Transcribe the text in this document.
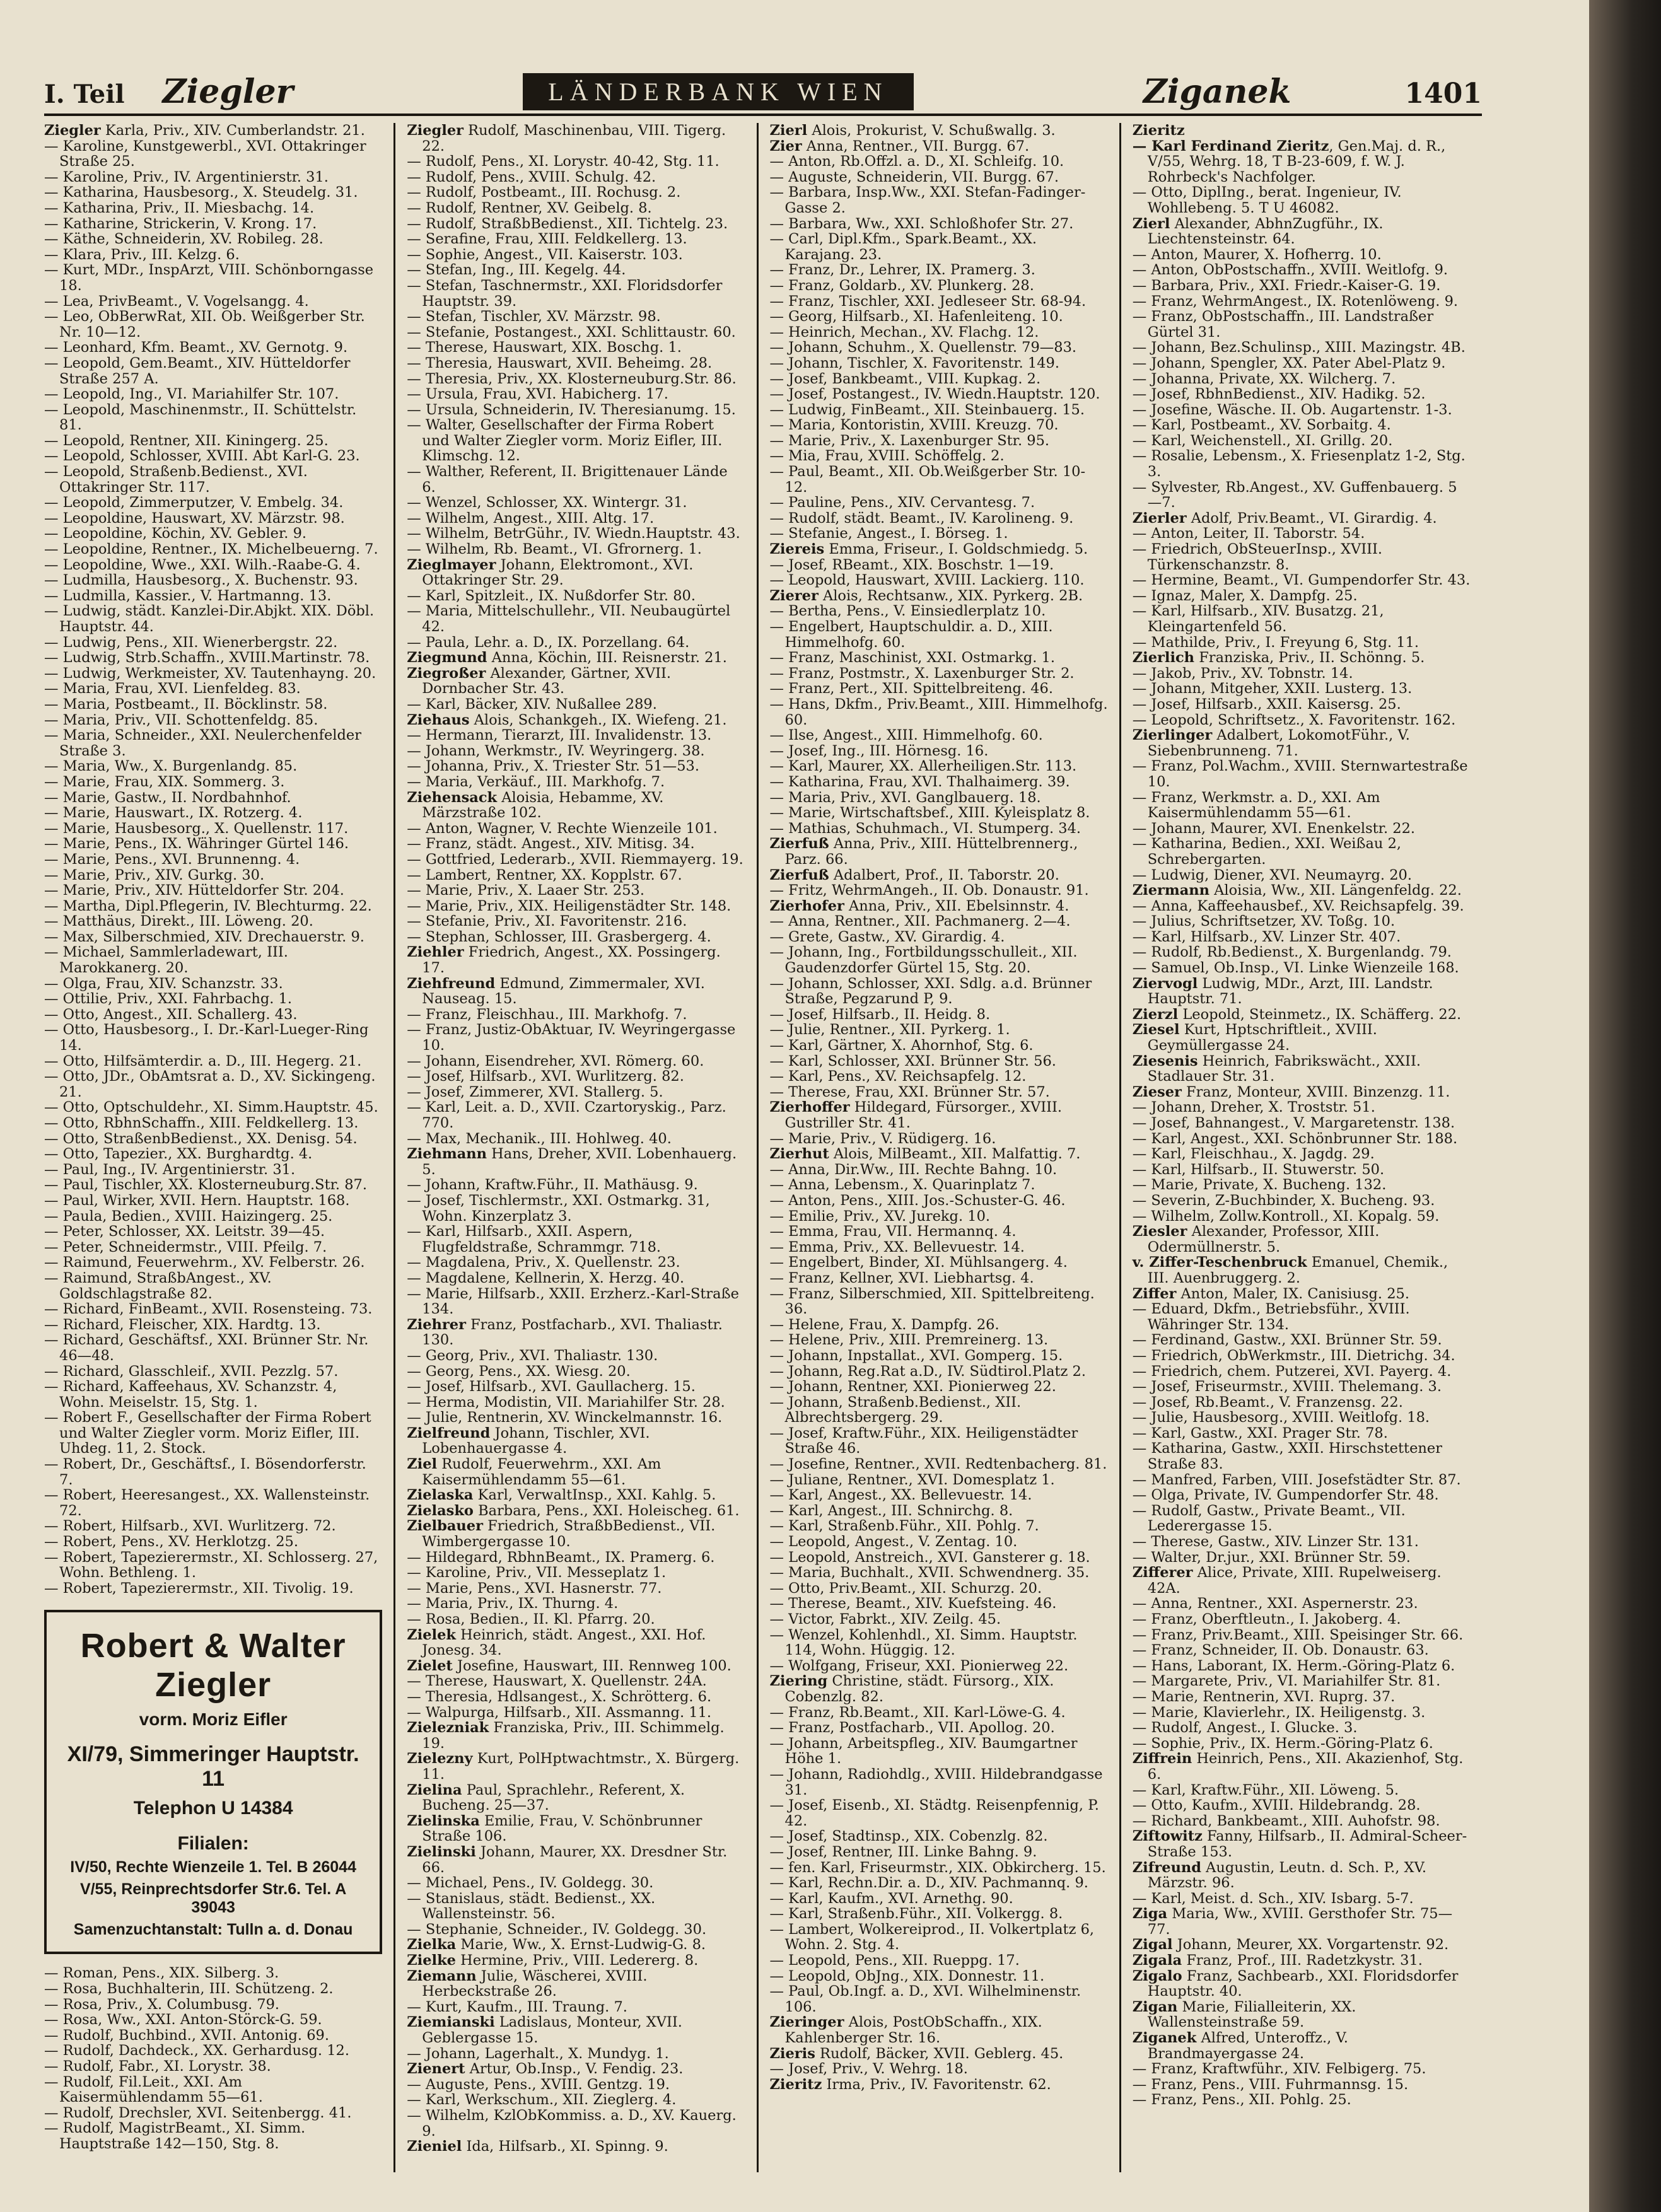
I. Teil Ziegler	LÄNDERBANK WIEN	Ziganek	1401

Ziegler Karla, Priv., XIV. Cumberlandstr. 21.

— Karoline, Kunstgewerbl., XVI. Ottakringer Straße 25.

— Karoline, Priv., IV. Argentinierstr. 31.

— Katharina, Hausbesorg., X. Steudelg. 31.

— Katharina, Priv., II. Miesbachg. 14.

— Katharine, Strickerin, V. Krong. 17.

— Käthe, Schneiderin, XV. Robileg. 28.

— Klara, Priv., III. Kelzg. 6.

— Kurt, MDr., InspArzt, VIII. Schönborngasse 18.

— Lea, PrivBeamt., V. Vogelsangg. 4.

— Leo, ObBerwRat, XII. Ob. Weißgerber Str. Nr. 10—12.

— Leonhard, Kfm. Beamt., XV. Gernotg. 9.

— Leopold, Gem.Beamt., XIV. Hütteldorfer Straße 257 A.

— Leopold, Ing., VI. Mariahilfer Str. 107.

— Leopold, Maschinenmstr., II. Schüttelstr. 81.

— Leopold, Rentner, XII. Kiningerg. 25.

— Leopold, Schlosser, XVIII. Abt Karl-G. 23.

— Leopold, Straßenb.Bedienst., XVI. Ottakringer Str. 117.

— Leopold, Zimmerputzer, V. Embelg. 34.

— Leopoldine, Hauswart, XV. Märzstr. 98.

— Leopoldine, Köchin, XV. Gebler. 9.

— Leopoldine, Rentner., IX. Michelbeuerng. 7.

— Leopoldine, Wwe., XXI. Wilh.-Raabe-G. 4.

— Ludmilla, Hausbesorg., X. Buchenstr. 93.

— Ludmilla, Kassier., V. Hartmanng. 13.

— Ludwig, städt. Kanzlei-Dir.Abjkt. XIX. Döbl. Hauptstr. 44.

— Ludwig, Pens., XII. Wienerbergstr. 22.

— Ludwig, Strb.Schaffn., XVIII.Martinstr. 78.

— Ludwig, Werkmeister, XV. Tautenhayng. 20.

— Maria, Frau, XVI. Lienfeldeg. 83.

— Maria, Postbeamt., II. Böcklinstr. 58.

— Maria, Priv., VII. Schottenfeldg. 85.

— Maria, Schneider., XXI. Neulerchenfelder Straße 3.

— Maria, Ww., X. Burgenlandg. 85.

— Marie, Frau, XIX. Sommerg. 3.

— Marie, Gastw., II. Nordbahnhof.

— Marie, Hauswart., IX. Rotzerg. 4.

— Marie, Hausbesorg., X. Quellenstr. 117.

— Marie, Pens., IX. Währinger Gürtel 146.

— Marie, Pens., XVI. Brunnenng. 4.

— Marie, Priv., XIV. Gurkg. 30.

— Marie, Priv., XIV. Hütteldorfer Str. 204.

— Martha, Dipl.Pflegerin, IV. Blechturmg. 22.

— Matthäus, Direkt., III. Löweng. 20.

— Max, Silberschmied, XIV. Drechauerstr. 9.

— Michael, Sammlerladewart, III. Marokkanerg. 20.

— Olga, Frau, XIV. Schanzstr. 33.

— Ottilie, Priv., XXI. Fahrbachg. 1.

— Otto, Angest., XII. Schallerg. 43.

— Otto, Hausbesorg., I. Dr.-Karl-Lueger-Ring 14.

— Otto, Hilfsämterdir. a. D., III. Hegerg. 21.

— Otto, JDr., ObAmtsrat a. D., XV. Sickingeng. 21.

— Otto, Optschuldehr., XI. Simm.Hauptstr. 45.

— Otto, RbhnSchaffn., XIII. Feldkellerg. 13.

— Otto, StraßenbBedienst., XX. Denisg. 54.

— Otto, Tapezier., XX. Burghardtg. 4.

— Paul, Ing., IV. Argentinierstr. 31.

— Paul, Tischler, XX. Klosterneuburg.Str. 87.

— Paul, Wirker, XVII. Hern. Hauptstr. 168.

— Paula, Bedien., XVIII. Haizingerg. 25.

— Peter, Schlosser, XX. Leitstr. 39—45.

— Peter, Schneidermstr., VIII. Pfeilg. 7.

— Raimund, Feuerwehrm., XV. Felberstr. 26.

— Raimund, StraßbAngest., XV. Goldschlagstraße 82.

— Richard, FinBeamt., XVII. Rosensteing. 73.

— Richard, Fleischer, XIX. Hardtg. 13.

— Richard, Geschäftsf., XXI. Brünner Str. Nr. 46—48.

— Richard, Glasschleif., XVII. Pezzlg. 57.

— Richard, Kaffeehaus, XV. Schanzstr. 4, Wohn. Meiselstr. 15, Stg. 1.

— Robert F., Gesellschafter der Firma Robert und Walter Ziegler vorm. Moriz Eifler, III. Uhdeg. 11, 2. Stock.

— Robert, Dr., Geschäftsf., I. Bösendorferstr. 7.

— Robert, Heeresangest., XX. Wallensteinstr. 72.

— Robert, Hilfsarb., XVI. Wurlitzerg. 72.

— Robert, Pens., XV. Herklotzg. 25.

— Robert, Tapezierermstr., XI. Schlosserg. 27, Wohn. Bethleng. 1.

— Robert, Tapezierermstr., XII. Tivolig. 19.

Robert & Walter Ziegler
vorm. Moriz Eifler
XI/79, Simmeringer Hauptstr. 11
Telephon U 14384
Filialen:
IV/50, Rechte Wienzeile 1. Tel. B 26044
V/55, Reinprechtsdorfer Str.6. Tel. A 39043
Samenzuchtanstalt: Tulln a. d. Donau

— Roman, Pens., XIX. Silberg. 3.

— Rosa, Buchhalterin, III. Schützeng. 2.

— Rosa, Priv., X. Columbusg. 79.

— Rosa, Ww., XXI. Anton-Störck-G. 59.

— Rudolf, Buchbind., XVII. Antonig. 69.

— Rudolf, Dachdeck., XX. Gerhardusg. 12.

— Rudolf, Fabr., XI. Lorystr. 38.

— Rudolf, Fil.Leit., XXI. Am Kaisermühlendamm 55—61.

— Rudolf, Drechsler, XVI. Seitenbergg. 41.

— Rudolf, MagistrBeamt., XI. Simm. Hauptstraße 142—150, Stg. 8.

Ziegler Rudolf, Maschinenbau, VIII. Tigerg. 22.

— Rudolf, Pens., XI. Lorystr. 40-42, Stg. 11.

— Rudolf, Pens., XVIII. Schulg. 42.

— Rudolf, Postbeamt., III. Rochusg. 2.

— Rudolf, Rentner, XV. Geibelg. 8.

— Rudolf, StraßbBedienst., XII. Tichtelg. 23.

— Serafine, Frau, XIII. Feldkellerg. 13.

— Sophie, Angest., VII. Kaiserstr. 103.

— Stefan, Ing., III. Kegelg. 44.

— Stefan, Taschnermstr., XXI. Floridsdorfer Hauptstr. 39.

— Stefan, Tischler, XV. Märzstr. 98.

— Stefanie, Postangest., XXI. Schlittaustr. 60.

— Therese, Hauswart, XIX. Boschg. 1.

— Theresia, Hauswart, XVII. Beheimg. 28.

— Theresia, Priv., XX. Klosterneuburg.Str. 86.

— Ursula, Frau, XVI. Habicherg. 17.

— Ursula, Schneiderin, IV. Theresianumg. 15.

— Walter, Gesellschafter der Firma Robert und Walter Ziegler vorm. Moriz Eifler, III. Klimschg. 12.

— Walther, Referent, II. Brigittenauer Lände 6.

— Wenzel, Schlosser, XX. Wintergr. 31.

— Wilhelm, Angest., XIII. Altg. 17.

— Wilhelm, BetrGühr., IV. Wiedn.Hauptstr. 43.

— Wilhelm, Rb. Beamt., VI. Gfrornerg. 1.

Zieglmayer Johann, Elektromont., XVI. Ottakringer Str. 29.

— Karl, Spitzleit., IX. Nußdorfer Str. 80.

— Maria, Mittelschullehr., VII. Neubaugürtel 42.

— Paula, Lehr. a. D., IX. Porzellang. 64.

Ziegmund Anna, Köchin, III. Reisnerstr. 21.

Ziegroßer Alexander, Gärtner, XVII. Dornbacher Str. 43.

— Karl, Bäcker, XIV. Nußallee 289.

Ziehaus Alois, Schankgeh., IX. Wiefeng. 21.

— Hermann, Tierarzt, III. Invalidenstr. 13.

— Johann, Werkmstr., IV. Weyringerg. 38.

— Johanna, Priv., X. Triester Str. 51—53.

— Maria, Verkäuf., III. Markhofg. 7.

Ziehensack Aloisia, Hebamme, XV. Märzstraße 102.

— Anton, Wagner, V. Rechte Wienzeile 101.

— Franz, städt. Angest., XIV. Mitisg. 34.

— Gottfried, Lederarb., XVII. Riemmayerg. 19.

— Lambert, Rentner, XX. Kopplstr. 67.

— Marie, Priv., X. Laaer Str. 253.

— Marie, Priv., XIX. Heiligenstädter Str. 148.

— Stefanie, Priv., XI. Favoritenstr. 216.

— Stephan, Schlosser, III. Grasbergerg. 4.

Ziehler Friedrich, Angest., XX. Possingerg. 17.

Ziehfreund Edmund, Zimmermaler, XVI. Nauseag. 15.

— Franz, Fleischhau., III. Markhofg. 7.

— Franz, Justiz-ObAktuar, IV. Weyringergasse 10.

— Johann, Eisendreher, XVI. Römerg. 60.

— Josef, Hilfsarb., XVI. Wurlitzerg. 82.

— Josef, Zimmerer, XVI. Stallerg. 5.

— Karl, Leit. a. D., XVII. Czartoryskig., Parz. 770.

— Max, Mechanik., III. Hohlweg. 40.

Ziehmann Hans, Dreher, XVII. Lobenhauerg. 5.

— Johann, Kraftw.Führ., II. Mathäusg. 9.

— Josef, Tischlermstr., XXI. Ostmarkg. 31, Wohn. Kinzerplatz 3.

— Karl, Hilfsarb., XXII. Aspern, Flugfeldstraße, Schrammgr. 718.

— Magdalena, Priv., X. Quellenstr. 23.

— Magdalene, Kellnerin, X. Herzg. 40.

— Marie, Hilfsarb., XXII. Erzherz.-Karl-Straße 134.

Ziehrer Franz, Postfacharb., XVI. Thaliastr. 130.

— Georg, Priv., XVI. Thaliastr. 130.

— Georg, Pens., XX. Wiesg. 20.

— Josef, Hilfsarb., XVI. Gaullacherg. 15.

— Herma, Modistin, VII. Mariahilfer Str. 28.

— Julie, Rentnerin, XV. Winckelmannstr. 16.

Zielfreund Johann, Tischler, XVI. Lobenhauergasse 4.

Ziel Rudolf, Feuerwehrm., XXI. Am Kaisermühlendamm 55—61.

Zielaska Karl, VerwaltInsp., XXI. Kahlg. 5.

Zielasko Barbara, Pens., XXI. Holeischeg. 61.

Zielbauer Friedrich, StraßbBedienst., VII. Wimbergergasse 10.

— Hildegard, RbhnBeamt., IX. Pramerg. 6.

— Karoline, Priv., VII. Messeplatz 1.

— Marie, Pens., XVI. Hasnerstr. 77.

— Maria, Priv., IX. Thurng. 4.

— Rosa, Bedien., II. Kl. Pfarrg. 20.

Zielek Heinrich, städt. Angest., XXI. Hof. Jonesg. 34.

Zielet Josefine, Hauswart, III. Rennweg 100.

— Therese, Hauswart, X. Quellenstr. 24A.

— Theresia, Hdlsangest., X. Schrötterg. 6.

— Walpurga, Hilfsarb., XII. Assmanng. 11.

Zielezniak Franziska, Priv., III. Schimmelg. 19.

Zielezny Kurt, PolHptwachtmstr., X. Bürgerg. 11.

Zielina Paul, Sprachlehr., Referent, X. Bucheng. 25—37.

Zielinska Emilie, Frau, V. Schönbrunner Straße 106.

Zielinski Johann, Maurer, XX. Dresdner Str. 66.

— Michael, Pens., IV. Goldegg. 30.

— Stanislaus, städt. Bedienst., XX. Wallensteinstr. 56.

— Stephanie, Schneider., IV. Goldegg. 30.

Zielka Marie, Ww., X. Ernst-Ludwig-G. 8.

Zielke Hermine, Priv., VIII. Ledererg. 8.

Ziemann Julie, Wäscherei, XVIII. Herbeckstraße 26.

— Kurt, Kaufm., III. Traung. 7.

Ziemianski Ladislaus, Monteur, XVII. Geblergasse 15.

— Johann, Lagerhalt., X. Mundyg. 1.

Zienert Artur, Ob.Insp., V. Fendig. 23.

— Auguste, Pens., XVIII. Gentzg. 19.

— Karl, Werkschum., XII. Zieglerg. 4.

— Wilhelm, KzlObKommiss. a. D., XV. Kauerg. 9.

Zieniel Ida, Hilfsarb., XI. Spinng. 9.

Zierl Alois, Prokurist, V. Schußwallg. 3.

Zier Anna, Rentner., VII. Burgg. 67.

— Anton, Rb.Offzl. a. D., XI. Schleifg. 10.

— Auguste, Schneiderin, VII. Burgg. 67.

— Barbara, Insp.Ww., XXI. Stefan-Fadinger-Gasse 2.

— Barbara, Ww., XXI. Schloßhofer Str. 27.

— Carl, Dipl.Kfm., Spark.Beamt., XX. Karajang. 23.

— Franz, Dr., Lehrer, IX. Pramerg. 3.

— Franz, Goldarb., XV. Plunkerg. 28.

— Franz, Tischler, XXI. Jedleseer Str. 68-94.

— Georg, Hilfsarb., XI. Hafenleiteng. 10.

— Heinrich, Mechan., XV. Flachg. 12.

— Johann, Schuhm., X. Quellenstr. 79—83.

— Johann, Tischler, X. Favoritenstr. 149.

— Josef, Bankbeamt., VIII. Kupkag. 2.

— Josef, Postangest., IV. Wiedn.Hauptstr. 120.

— Ludwig, FinBeamt., XII. Steinbauerg. 15.

— Maria, Kontoristin, XVIII. Kreuzg. 70.

— Marie, Priv., X. Laxenburger Str. 95.

— Mia, Frau, XVIII. Schöffelg. 2.

— Paul, Beamt., XII. Ob.Weißgerber Str. 10-12.

— Pauline, Pens., XIV. Cervantesg. 7.

— Rudolf, städt. Beamt., IV. Karolineng. 9.

— Stefanie, Angest., I. Börseg. 1.

Ziereis Emma, Friseur., I. Goldschmiedg. 5.

— Josef, RBeamt., XIX. Boschstr. 1—19.

— Leopold, Hauswart, XVIII. Lackierg. 110.

Zierer Alois, Rechtsanw., XIX. Pyrkerg. 2B.

— Bertha, Pens., V. Einsiedlerplatz 10.

— Engelbert, Hauptschuldir. a. D., XIII. Himmelhofg. 60.

— Franz, Maschinist, XXI. Ostmarkg. 1.

— Franz, Postmstr., X. Laxenburger Str. 2.

— Franz, Pert., XII. Spittelbreiteng. 46.

— Hans, Dkfm., Priv.Beamt., XIII. Himmelhofg. 60.

— Ilse, Angest., XIII. Himmelhofg. 60.

— Josef, Ing., III. Hörnesg. 16.

— Karl, Maurer, XX. Allerheiligen.Str. 113.

— Katharina, Frau, XVI. Thalhaimerg. 39.

— Maria, Priv., XVI. Ganglbauerg. 18.

— Marie, Wirtschaftsbef., XIII. Kyleisplatz 8.

— Mathias, Schuhmach., VI. Stumperg. 34.

Zierfuß Anna, Priv., XIII. Hüttelbrennerg., Parz. 66.

Zierfuß Adalbert, Prof., II. Taborstr. 20.

— Fritz, WehrmAngeh., II. Ob. Donaustr. 91.

Zierhofer Anna, Priv., XII. Ebelsinnstr. 4.

— Anna, Rentner., XII. Pachmanerg. 2—4.

— Grete, Gastw., XV. Girardig. 4.

— Johann, Ing., Fortbildungsschulleit., XII. Gaudenzdorfer Gürtel 15, Stg. 20.

— Johann, Schlosser, XXI. Sdlg. a.d. Brünner Straße, Pegzarund P, 9.

— Josef, Hilfsarb., II. Heidg. 8.

— Julie, Rentner., XII. Pyrkerg. 1.

— Karl, Gärtner, X. Ahornhof, Stg. 6.

— Karl, Schlosser, XXI. Brünner Str. 56.

— Karl, Pens., XV. Reichsapfelg. 12.

— Therese, Frau, XXI. Brünner Str. 57.

Zierhoffer Hildegard, Fürsorger., XVIII. Gustriller Str. 41.

— Marie, Priv., V. Rüdigerg. 16.

Zierhut Alois, MilBeamt., XII. Malfattig. 7.

— Anna, Dir.Ww., III. Rechte Bahng. 10.

— Anna, Lebensm., X. Quarinplatz 7.

— Anton, Pens., XIII. Jos.-Schuster-G. 46.

— Emilie, Priv., XV. Jurekg. 10.

— Emma, Frau, VII. Hermannq. 4.

— Emma, Priv., XX. Bellevuestr. 14.

— Engelbert, Binder, XI. Mühlsangerg. 4.

— Franz, Kellner, XVI. Liebhartsg. 4.

— Franz, Silberschmied, XII. Spittelbreiteng. 36.

— Helene, Frau, X. Dampfg. 26.

— Helene, Priv., XIII. Premreinerg. 13.

— Johann, Inpstallat., XVI. Gomperg. 15.

— Johann, Reg.Rat a.D., IV. Südtirol.Platz 2.

— Johann, Rentner, XXI. Pionierweg 22.

— Johann, Straßenb.Bedienst., XII. Albrechtsbergerg. 29.

— Josef, Kraftw.Führ., XIX. Heiligenstädter Straße 46.

— Josefine, Rentner., XVII. Redtenbacherg. 81.

— Juliane, Rentner., XVI. Domesplatz 1.

— Karl, Angest., XX. Bellevuestr. 14.

— Karl, Angest., III. Schnirchg. 8.

— Karl, Straßenb.Führ., XII. Pohlg. 7.

— Leopold, Angest., V. Zentag. 10.

— Leopold, Anstreich., XVI. Gansterer g. 18.

— Maria, Buchhalt., XVII. Schwendnerg. 35.

— Otto, Priv.Beamt., XII. Schurzg. 20.

— Therese, Beamt., XIV. Kuefsteing. 46.

— Victor, Fabrkt., XIV. Zeilg. 45.

— Wenzel, Kohlenhdl., XI. Simm. Hauptstr. 114, Wohn. Hüggig. 12.

— Wolfgang, Friseur, XXI. Pionierweg 22.

Ziering Christine, städt. Fürsorg., XIX. Cobenzlg. 82.

— Franz, Rb.Beamt., XII. Karl-Löwe-G. 4.

— Franz, Postfacharb., VII. Apollog. 20.

— Johann, Arbeitspfleg., XIV. Baumgartner Höhe 1.

— Johann, Radiohdlg., XVIII. Hildebrandgasse 31.

— Josef, Eisenb., XI. Städtg. Reisenpfennig, P. 42.

— Josef, Stadtinsp., XIX. Cobenzlg. 82.

— Josef, Rentner, III. Linke Bahng. 9.

— fen. Karl, Friseurmstr., XIX. Obkircherg. 15.

— Karl, Rechn.Dir. a. D., XIV. Pachmannq. 9.

— Karl, Kaufm., XVI. Arnethg. 90.

— Karl, Straßenb.Führ., XII. Volkergg. 8.

— Lambert, Wolkereiprod., II. Volkertplatz 6, Wohn. 2. Stg. 4.

— Leopold, Pens., XII. Rueppg. 17.

— Leopold, ObJng., XIX. Donnestr. 11.

— Paul, Ob.Ingf. a. D., XVI. Wilhelminenstr. 106.

Zieringer Alois, PostObSchaffn., XIX. Kahlenberger Str. 16.

Zieris Rudolf, Bäcker, XVII. Geblerg. 45.

— Josef, Priv., V. Wehrg. 18.

Zieritz Irma, Priv., IV. Favoritenstr. 62.

Zieritz

— Karl Ferdinand Zieritz, Gen.Maj. d. R., V/55, Wehrg. 18, T B-23-609, f. W. J. Rohrbeck's Nachfolger.

— Otto, DiplIng., berat. Ingenieur, IV. Wohllebeng. 5. T U 46082.

Zierl Alexander, AbhnZugführ., IX. Liechtensteinstr. 64.

— Anton, Maurer, X. Hofherrg. 10.

— Anton, ObPostschaffn., XVIII. Weitlofg. 9.

— Barbara, Priv., XXI. Friedr.-Kaiser-G. 19.

— Franz, WehrmAngest., IX. Rotenlöweng. 9.

— Franz, ObPostschaffn., III. Landstraßer Gürtel 31.

— Johann, Bez.Schulinsp., XIII. Mazingstr. 4B.

— Johann, Spengler, XX. Pater Abel-Platz 9.

— Johanna, Private, XX. Wilcherg. 7.

— Josef, RbhnBedienst., XIV. Hadikg. 52.

— Josefine, Wäsche. II. Ob. Augartenstr. 1-3.

— Karl, Postbeamt., XV. Sorbaitg. 4.

— Karl, Weichenstell., XI. Grillg. 20.

— Rosalie, Lebensm., X. Friesenplatz 1-2, Stg. 3.

— Sylvester, Rb.Angest., XV. Guffenbauerg. 5—7.

Zierler Adolf, Priv.Beamt., VI. Girardig. 4.

— Anton, Leiter, II. Taborstr. 54.

— Friedrich, ObSteuerInsp., XVIII. Türkenschanzstr. 8.

— Hermine, Beamt., VI. Gumpendorfer Str. 43.

— Ignaz, Maler, X. Dampfg. 25.

— Karl, Hilfsarb., XIV. Busatzg. 21, Kleingartenfeld 56.

— Mathilde, Priv., I. Freyung 6, Stg. 11.

Zierlich Franziska, Priv., II. Schönng. 5.

— Jakob, Priv., XV. Tobnstr. 14.

— Johann, Mitgeher, XXII. Lusterg. 13.

— Josef, Hilfsarb., XXII. Kaisersg. 25.

— Leopold, Schriftsetz., X. Favoritenstr. 162.

Zierlinger Adalbert, LokomotFühr., V. Siebenbrunneng. 71.

— Franz, Pol.Wachm., XVIII. Sternwartestraße 10.

— Franz, Werkmstr. a. D., XXI. Am Kaisermühlendamm 55—61.

— Johann, Maurer, XVI. Enenkelstr. 22.

— Katharina, Bedien., XXI. Weißau 2, Schrebergarten.

— Ludwig, Diener, XVI. Neumayrg. 20.

Ziermann Aloisia, Ww., XII. Längenfeldg. 22.

— Anna, Kaffeehausbef., XV. Reichsapfelg. 39.

— Julius, Schriftsetzer, XV. Toßg. 10.

— Karl, Hilfsarb., XV. Linzer Str. 407.

— Rudolf, Rb.Bedienst., X. Burgenlandg. 79.

— Samuel, Ob.Insp., VI. Linke Wienzeile 168.

Ziervogl Ludwig, MDr., Arzt, III. Landstr. Hauptstr. 71.

Zierzl Leopold, Steinmetz., IX. Schäfferg. 22.

Ziesel Kurt, Hptschriftleit., XVIII. Geymüllergasse 24.

Ziesenis Heinrich, Fabrikswächt., XXII. Stadlauer Str. 31.

Zieser Franz, Monteur, XVIII. Binzenzg. 11.

— Johann, Dreher, X. Troststr. 51.

— Josef, Bahnangest., V. Margaretenstr. 138.

— Karl, Angest., XXI. Schönbrunner Str. 188.

— Karl, Fleischhau., X. Jagdg. 29.

— Karl, Hilfsarb., II. Stuwerstr. 50.

— Marie, Private, X. Bucheng. 132.

— Severin, Z-Buchbinder, X. Bucheng. 93.

— Wilhelm, Zollw.Kontroll., XI. Kopalg. 59.

Ziesler Alexander, Professor, XIII. Odermüllnerstr. 5.

v. Ziffer-Teschenbruck Emanuel, Chemik., III. Auenbruggerg. 2.

Ziffer Anton, Maler, IX. Canisiusg. 25.

— Eduard, Dkfm., Betriebsführ., XVIII. Währinger Str. 134.

— Ferdinand, Gastw., XXI. Brünner Str. 59.

— Friedrich, ObWerkmstr., III. Dietrichg. 34.

— Friedrich, chem. Putzerei, XVI. Payerg. 4.

— Josef, Friseurmstr., XVIII. Thelemang. 3.

— Josef, Rb.Beamt., V. Franzensg. 22.

— Julie, Hausbesorg., XVIII. Weitlofg. 18.

— Karl, Gastw., XXI. Prager Str. 78.

— Katharina, Gastw., XXII. Hirschstettener Straße 83.

— Manfred, Farben, VIII. Josefstädter Str. 87.

— Olga, Private, IV. Gumpendorfer Str. 48.

— Rudolf, Gastw., Private Beamt., VII. Lederergasse 15.

— Therese, Gastw., XIV. Linzer Str. 131.

— Walter, Dr.jur., XXI. Brünner Str. 59.

Zifferer Alice, Private, XIII. Rupelweiserg. 42A.

— Anna, Rentner., XXI. Aspernerstr. 23.

— Franz, Oberftleutn., I. Jakoberg. 4.

— Franz, Priv.Beamt., XIII. Speisinger Str. 66.

— Franz, Schneider, II. Ob. Donaustr. 63.

— Hans, Laborant, IX. Herm.-Göring-Platz 6.

— Margarete, Priv., VI. Mariahilfer Str. 81.

— Marie, Rentnerin, XVI. Ruprg. 37.

— Marie, Klavierlehr., IX. Heiligenstg. 3.

— Rudolf, Angest., I. Glucke. 3.

— Sophie, Priv., IX. Herm.-Göring-Platz 6.

Ziffrein Heinrich, Pens., XII. Akazienhof, Stg. 6.

— Karl, Kraftw.Führ., XII. Löweng. 5.

— Otto, Kaufm., XVIII. Hildebrandg. 28.

— Richard, Bankbeamt., XIII. Auhofstr. 98.

Ziftowitz Fanny, Hilfsarb., II. Admiral-Scheer-Straße 153.

Zifreund Augustin, Leutn. d. Sch. P., XV. Märzstr. 96.

— Karl, Meist. d. Sch., XIV. Isbarg. 5-7.

Ziga Maria, Ww., XVIII. Gersthofer Str. 75—77.

Zigal Johann, Meurer, XX. Vorgartenstr. 92.

Zigala Franz, Prof., III. Radetzkystr. 31.

Zigalo Franz, Sachbearb., XXI. Floridsdorfer Hauptstr. 40.

Zigan Marie, Filialleiterin, XX. Wallensteinstraße 59.

Ziganek Alfred, Unteroffz., V. Brandmayergasse 24.

— Franz, Kraftwführ., XIV. Felbigerg. 75.

— Franz, Pens., VIII. Fuhrmannsg. 15.

— Franz, Pens., XII. Pohlg. 25.
